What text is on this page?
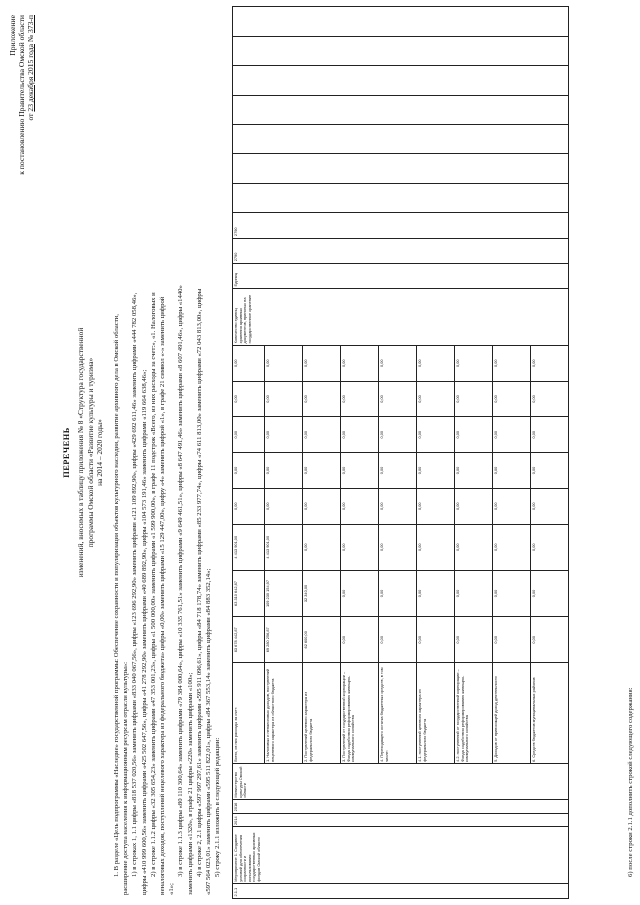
Приложение к постановлению Правительства Омской области от 23 декабря 2015 года № 373-п
ПЕРЕЧЕНЬ изменений, вносимых в таблицу приложения № 8 «Структура государственной программы Омской области «Развитие культуры и туризма» на 2014 – 2020 годы» 1. В разделе «Цель подпрограммы «Наследие» государственной программы: Обеспечение сохранности и популяризация объектов культурного наследия, развитие архивного дела в Омской области, расширение доступа населения к информационным ресурсам отрасли культуры»: 1) в строках 1, 1.1 цифры «818 537 020,56» заменить цифрами «833 040 067,56», цифры «123 696 292,90» заменить цифрами «121 109 892,90», цифры «429 692 611,46» заменить цифрами «444 782 058,46», цифры «410 999 600,56» заменить цифрами «425 502 647,56», цифры «41 278 292,90» заменить цифрами «40 689 892,90», цифры «104 573 191,46» заменить цифрами «119 664 638,46»; 2) в строке 1.1.2 цифры «32 305 654,23» заменить цифрами «47 353 001,23», цифры «1 500 000,00» заменить цифрами «1 599 900,00», в графе 11 подстрок «Всего, из них расходы за счет:», «1. Налоговых и неналоговых доходов, поступлений нецелевого характера из федерального бюджета» цифры «0,00» заменить цифрами «15 129 447,00», цифру «4» заменить цифрой «1», в графе 21 символ «-» заменить цифрой «1»;

3) в строке 1.1.3 цифры «80 110 300,64» заменить цифрами «79 384 000,64», цифры «10 335 761,51» заменить цифрами «9 649 461,51», цифры «8 647 491,46» заменить цифрами «8 607 491,46», цифры «1440» заменить цифрами «1320», в графе 21 цифры «220» заменить цифрами «100»; 4) в строке 2, 2.1 цифры «597 997 297,61» заменить цифрами «595 911 096,61», цифры «84 718 178,74» заменить цифрами «85 233 977,74», цифры «74 611 813,00» заменить цифрами «72 043 813,00», цифры «597 564 023,01» заменить цифрами «595 511 822,01», цифры «84 367 553,14» заменить цифрами «84 883 352,14»; 5) строку 2.1.1 изложить в следующей редакции:

2.1.1	Мероприятие 1. Создание условий для обеспечения сохранности и использования государственных архивных фондов Омской области	2014	2016	Министерство культуры Омской области	Всего, из них расходы за счет:	83 678 442,87	63 310 642,87	4 413 901,00	0,00	0,00	0,00	0,00	0,00	Количество единиц хранения архивных документов, принятых на государственное хранение	Единиц	2790	2790							
					1. Налоговых и неналоговых доходов, поступлений нецелевого характера из областного бюджета	69 280 256,87	109 230 154,97	4 413 901,00	0,00	0,00	0,00	0,00	0,00											
					2. Поступлений целевого характера из федерального бюджета	62 600,00	32 340,00	0,00	0,00	0,00	0,00	0,00	0,00											
					3. Поступлений от государственной корпорации – Фонда содействия реформированию жилищно-коммунального хозяйства	0,00	0,00	0,00	0,00	0,00	0,00	0,00	0,00											
					4. Переходящего остатка бюджетных средств, в том числе:	0,00	0,00	0,00	0,00	0,00	0,00	0,00	0,00											
					4.1. поступлений целевого характера из федерального бюджета	0,00	0,00	0,00	0,00	0,00	0,00	0,00	0,00											
					4.2. поступлений от государственной корпорации – Фонда содействия реформированию жилищно-коммунального хозяйства	0,00	0,00	0,00	0,00	0,00	0,00	0,00	0,00											
					5. Доходов от приносящей доход деятельности	0,00	0,00	0,00	0,00	0,00	0,00	0,00	0,00											
					6. Средств бюджетов муниципальных районов	0,00	0,00	0,00	0,00	0,00	0,00	0,00	0,00											

6) после строки 2.1.1 дополнить строкой следующего содержания:
